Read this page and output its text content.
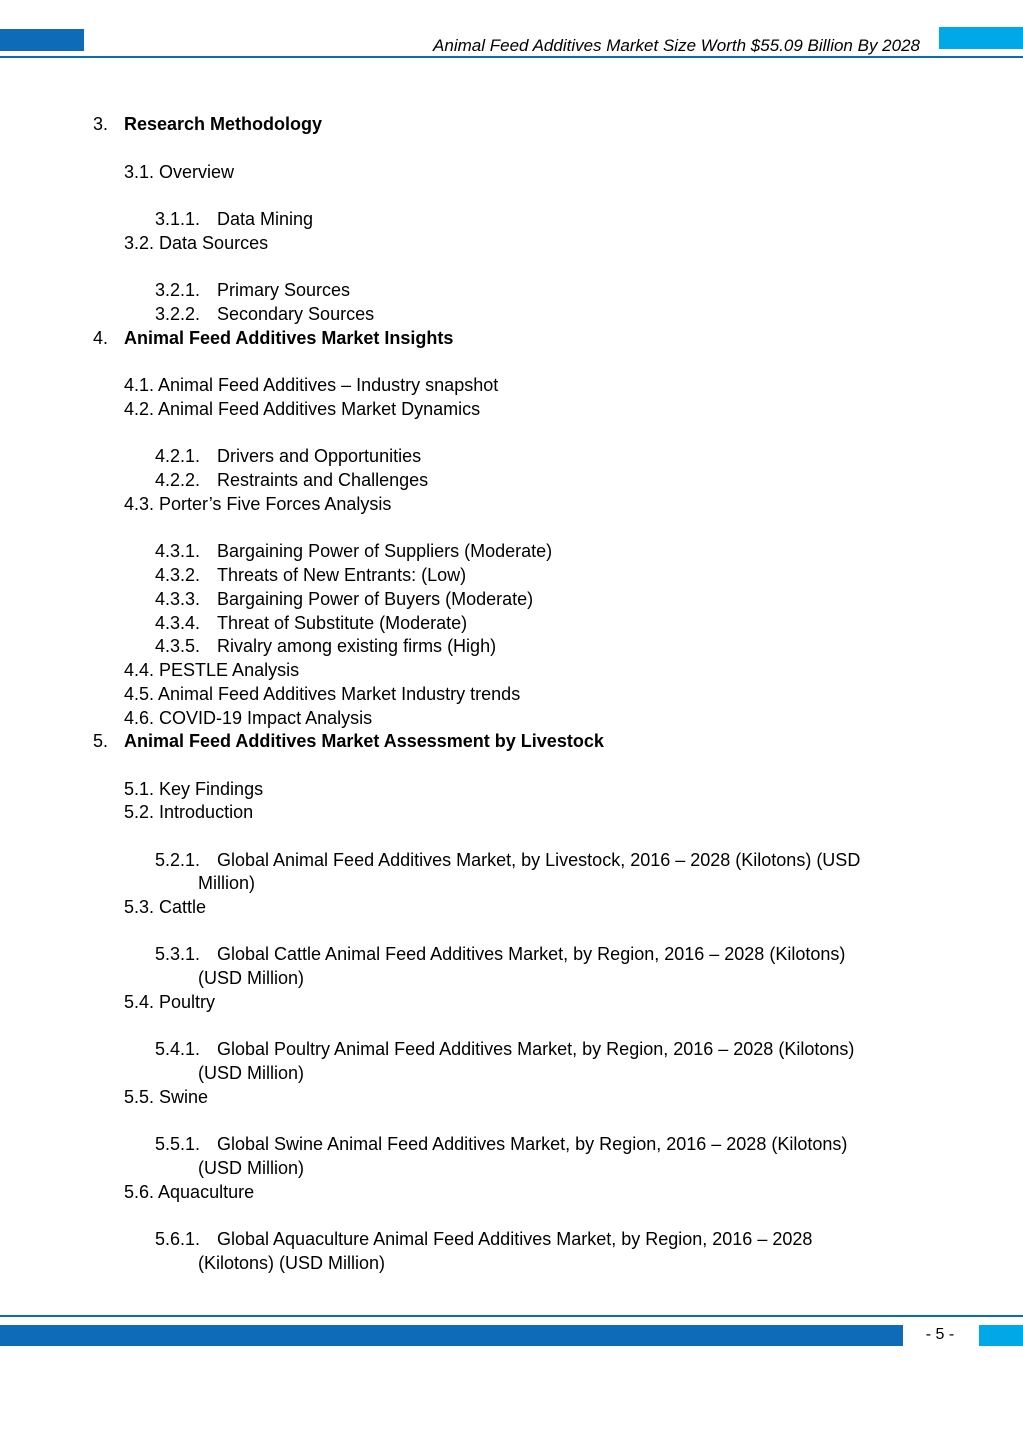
Animal Feed Additives Market Size Worth $55.09 Billion By 2028
3. Research Methodology
3.1. Overview
3.1.1. Data Mining
3.2. Data Sources
3.2.1. Primary Sources
3.2.2. Secondary Sources
4. Animal Feed Additives Market Insights
4.1. Animal Feed Additives – Industry snapshot
4.2. Animal Feed Additives Market Dynamics
4.2.1. Drivers and Opportunities
4.2.2. Restraints and Challenges
4.3. Porter’s Five Forces Analysis
4.3.1. Bargaining Power of Suppliers (Moderate)
4.3.2. Threats of New Entrants: (Low)
4.3.3. Bargaining Power of Buyers (Moderate)
4.3.4. Threat of Substitute (Moderate)
4.3.5. Rivalry among existing firms (High)
4.4. PESTLE Analysis
4.5. Animal Feed Additives Market Industry trends
4.6. COVID-19 Impact Analysis
5. Animal Feed Additives Market Assessment by Livestock
5.1. Key Findings
5.2. Introduction
5.2.1. Global Animal Feed Additives Market, by Livestock, 2016 – 2028 (Kilotons) (USD
Million)
5.3. Cattle
5.3.1. Global Cattle Animal Feed Additives Market, by Region, 2016 – 2028 (Kilotons)
(USD Million)
5.4. Poultry
5.4.1. Global Poultry Animal Feed Additives Market, by Region, 2016 – 2028 (Kilotons)
(USD Million)
5.5. Swine
5.5.1. Global Swine Animal Feed Additives Market, by Region, 2016 – 2028 (Kilotons)
(USD Million)
5.6. Aquaculture
5.6.1. Global Aquaculture Animal Feed Additives Market, by Region, 2016 – 2028
(Kilotons) (USD Million)
- 5 -
